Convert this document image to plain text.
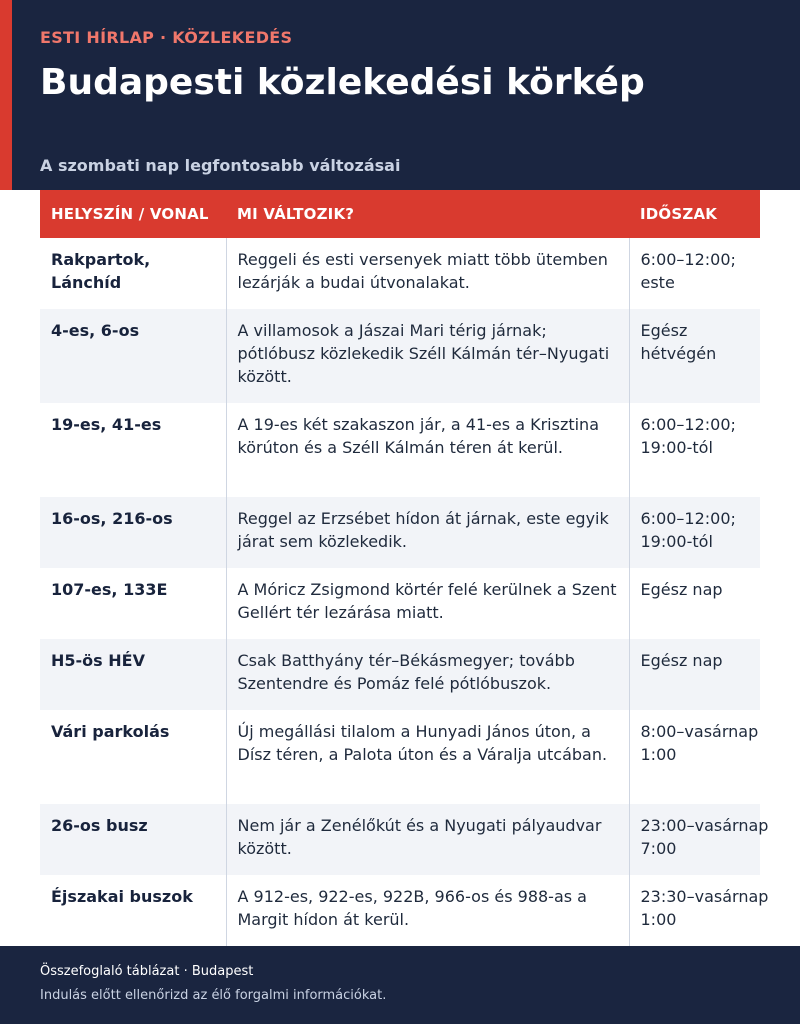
ESTI HÍRLAP · KÖZLEKEDÉS
Budapesti közlekedési körkép
A szombati nap legfontosabb változásai
HELYSZÍN / VONAL	MI VÁLTOZIK?	IDŐSZAK
Rakpartok, Lánchíd	Reggeli és esti versenyek miatt több ütemben lezárják a budai útvonalakat.	6:00–12:00;
este
4-es, 6-os	A villamosok a Jászai Mari térig járnak; pótlóbusz közlekedik Széll Kálmán tér–Nyugati között.	Egész
hétvégén
19-es, 41-es	A 19-es két szakaszon jár, a 41-es a Krisztina körúton és a Széll Kálmán téren át kerül.	6:00–12:00;
19:00-tól
16-os, 216-os	Reggel az Erzsébet hídon át járnak, este egyik járat sem közlekedik.	6:00–12:00;
19:00-tól
107-es, 133E	A Móricz Zsigmond körtér felé kerülnek a Szent Gellért tér lezárása miatt.	Egész nap
H5-ös HÉV	Csak Batthyány tér–Békásmegyer; tovább Szentendre és Pomáz felé pótlóbuszok.	Egész nap
Vári parkolás	Új megállási tilalom a Hunyadi János úton, a Dísz téren, a Palota úton és a Váralja utcában.	8:00–vasárnap
1:00
26-os busz	Nem jár a Zenélőkút és a Nyugati pályaudvar között.	23:00–vasárnap
7:00
Éjszakai buszok	A 912-es, 922-es, 922B, 966-os és 988-as a Margit hídon át kerül.	23:30–vasárnap
1:00
Összefoglaló táblázat · Budapest
Indulás előtt ellenőrizd az élő forgalmi információkat.
